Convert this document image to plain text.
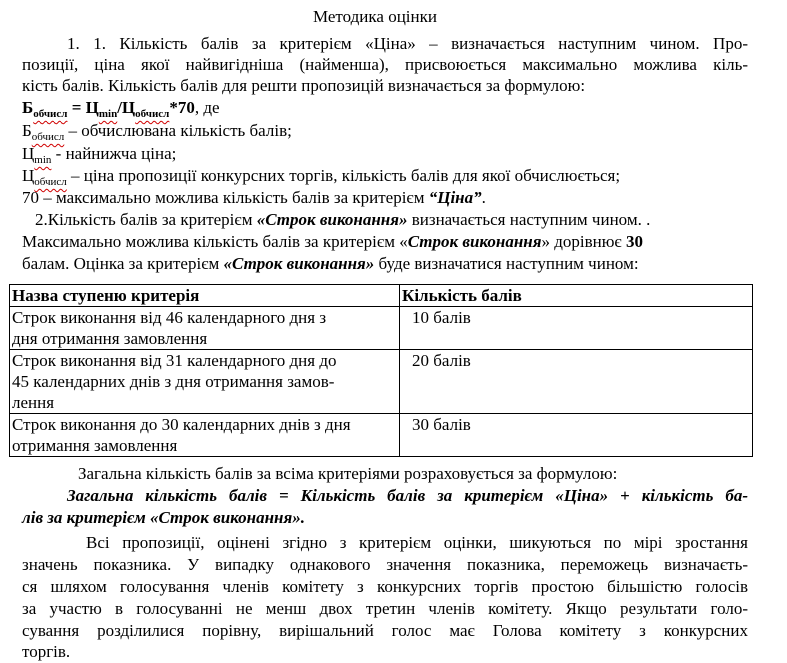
Методика оцінки
1. 1. Кількість балів за критерієм «Ціна» – визначається наступним чином. Про-
позиції, ціна якої найвигідніша (найменша), присвоюється максимально можлива кіль-
кість балів. Кількість балів для решти пропозицій визначається за формулою:
$Б_{обчисл} = Ц_{min}/Ц_{обчисл}*70$, де
$Б_{обчисл}$ – обчислювана кількість балів;
$Ц_{min}$ - найнижча ціна;
$Ц_{обчисл}$ – ціна пропозиції конкурсних торгів, кількість балів для якої обчислюється;
70 – максимально можлива кількість балів за критерієм “Ціна”.
2.Кількість балів за критерієм «Строк виконання» визначається наступним чином. .
Максимально можлива кількість балів за критерієм «Строк виконання» дорівнює 30
балам. Оцінка за критерієм «Строк виконання» буде визначатися наступним чином:
Назва ступеню критерія	Кількість балів

Строк виконання від 46 календарного дня з
дня отримання замовлення	10 балів

Строк виконання від 31 календарного дня до
45 календарних днів з дня отримання замов-
лення	20 балів

Строк виконання до 30 календарних днів з дня
отримання замовлення	30 балів
Загальна кількість балів за всіма критеріями розраховується за формулою:
Загальна кількість балів = Кількість балів за критерієм «Ціна» + кількість ба-
лів за критерієм «Строк виконання».
Всі пропозиції, оцінені згідно з критерієм оцінки, шикуються по мірі зростання
значень показника. У випадку однакового значення показника, переможець визначаєть-
ся шляхом голосування членів комітету з конкурсних торгів простою більшістю голосів
за участю в голосуванні не менш двох третин членів комітету. Якщо результати голо-
сування розділилися порівну, вирішальний голос має Голова комітету з конкурсних
торгів.
